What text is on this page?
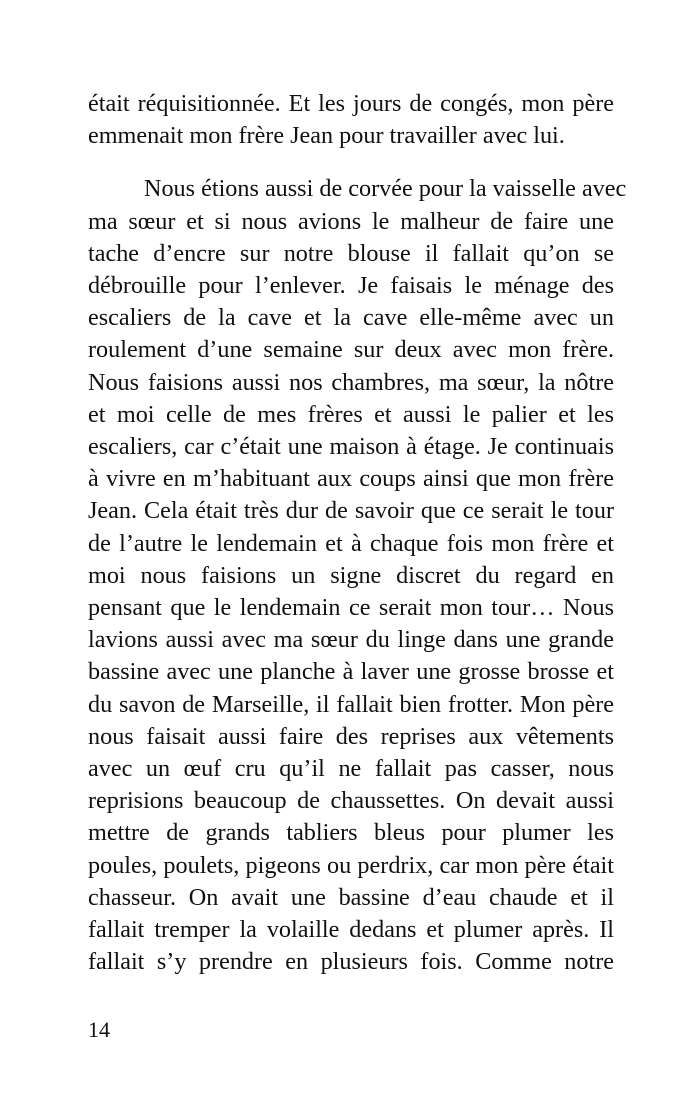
était réquisitionnée. Et les jours de congés, mon père
emmenait mon frère Jean pour travailler avec lui.

Nous étions aussi de corvée pour la vaisselle avec
ma sœur et si nous avions le malheur de faire une
tache d’encre sur notre blouse il fallait qu’on se
débrouille pour l’enlever. Je faisais le ménage des
escaliers de la cave et la cave elle-même avec un
roulement d’une semaine sur deux avec mon frère.
Nous faisions aussi nos chambres, ma sœur, la nôtre
et moi celle de mes frères et aussi le palier et les
escaliers, car c’était une maison à étage. Je continuais
à vivre en m’habituant aux coups ainsi que mon frère
Jean. Cela était très dur de savoir que ce serait le tour
de l’autre le lendemain et à chaque fois mon frère et
moi nous faisions un signe discret du regard en
pensant que le lendemain ce serait mon tour… Nous
lavions aussi avec ma sœur du linge dans une grande
bassine avec une planche à laver une grosse brosse et
du savon de Marseille, il fallait bien frotter. Mon père
nous faisait aussi faire des reprises aux vêtements
avec un œuf cru qu’il ne fallait pas casser, nous
reprisions beaucoup de chaussettes. On devait aussi
mettre de grands tabliers bleus pour plumer les
poules, poulets, pigeons ou perdrix, car mon père était
chasseur. On avait une bassine d’eau chaude et il
fallait tremper la volaille dedans et plumer après. Il
fallait s’y prendre en plusieurs fois. Comme notre

14
